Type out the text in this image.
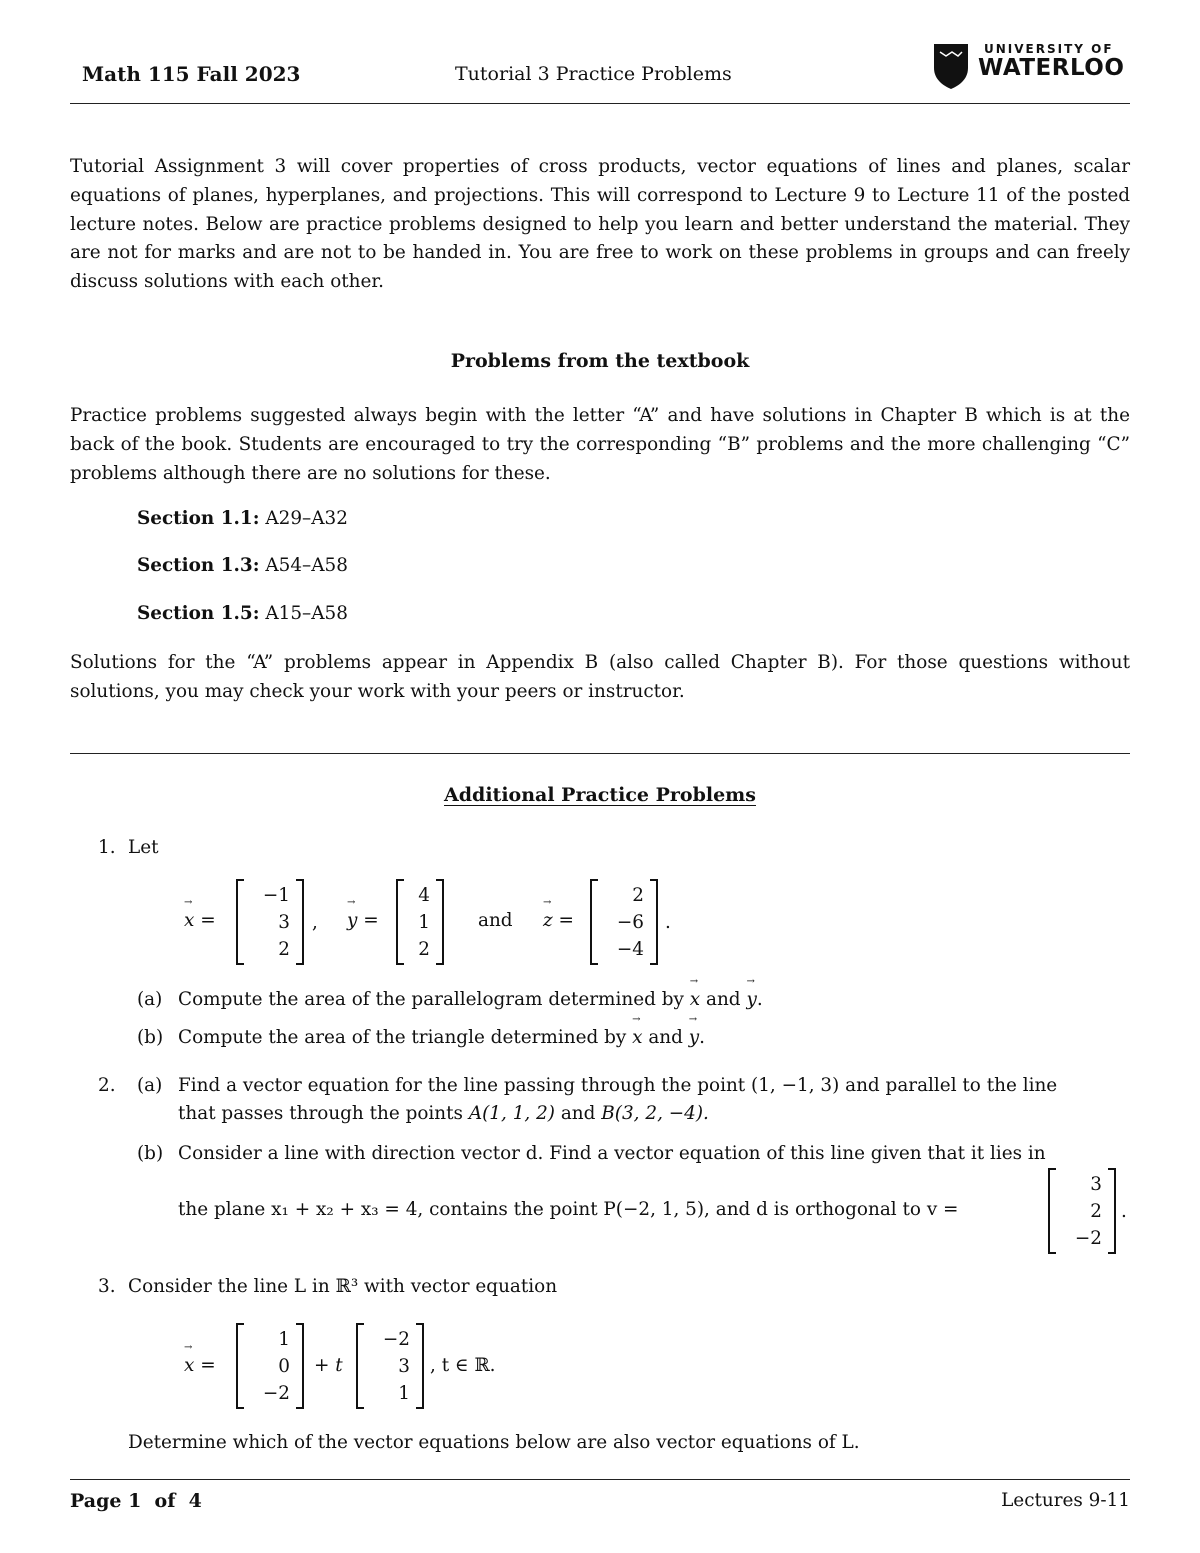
Math 115 Fall 2023	Tutorial 3 Practice Problems
UNIVERSITY OF
WATERLOO

Tutorial Assignment 3 will cover properties of cross products, vector equations of lines and planes, scalar equations of planes, hyperplanes, and projections. This will correspond to Lecture 9 to Lecture 11 of the posted lecture notes. Below are practice problems designed to help you learn and better understand the material. They are not for marks and are not to be handed in. You are free to work on these problems in groups and can freely discuss solutions with each other.

Problems from the textbook

Practice problems suggested always begin with the letter “A” and have solutions in Chapter B which is at the back of the book. Students are encouraged to try the corresponding “B” problems and the more challenging “C” problems although there are no solutions for these.

Section 1.1: A29–A32
Section 1.3: A54–A58
Section 1.5: A15–A58

Solutions for the “A” problems appear in Appendix B (also called Chapter B). For those questions without solutions, you may check your work with your peers or instructor.

Additional Practice Problems
1. Let
x → =
−1
3
2
, y → =
4
1
2
and z → =
2
−6
−4
.
(a) Compute the area of the parallelogram determined by x → and y →.
(b) Compute the area of the triangle determined by x → and y →.
2. (a) Find a vector equation for the line passing through the point (1, −1, 3) and parallel to the line
that passes through the points A(1, 1, 2) and B(3, 2, −4).
(b) Consider a line with direction vector d. Find a vector equation of this line given that it lies in
the plane x₁ + x₂ + x₃ = 4, contains the point P(−2, 1, 5), and d is orthogonal to v =
3
2
−2
.
3. Consider the line L in ℝ³ with vector equation
x → =
1
0
−2
+ t
−2
3
1
, t ∈ ℝ.
Determine which of the vector equations below are also vector equations of L.
Page 1  of  4	Lectures 9-11
